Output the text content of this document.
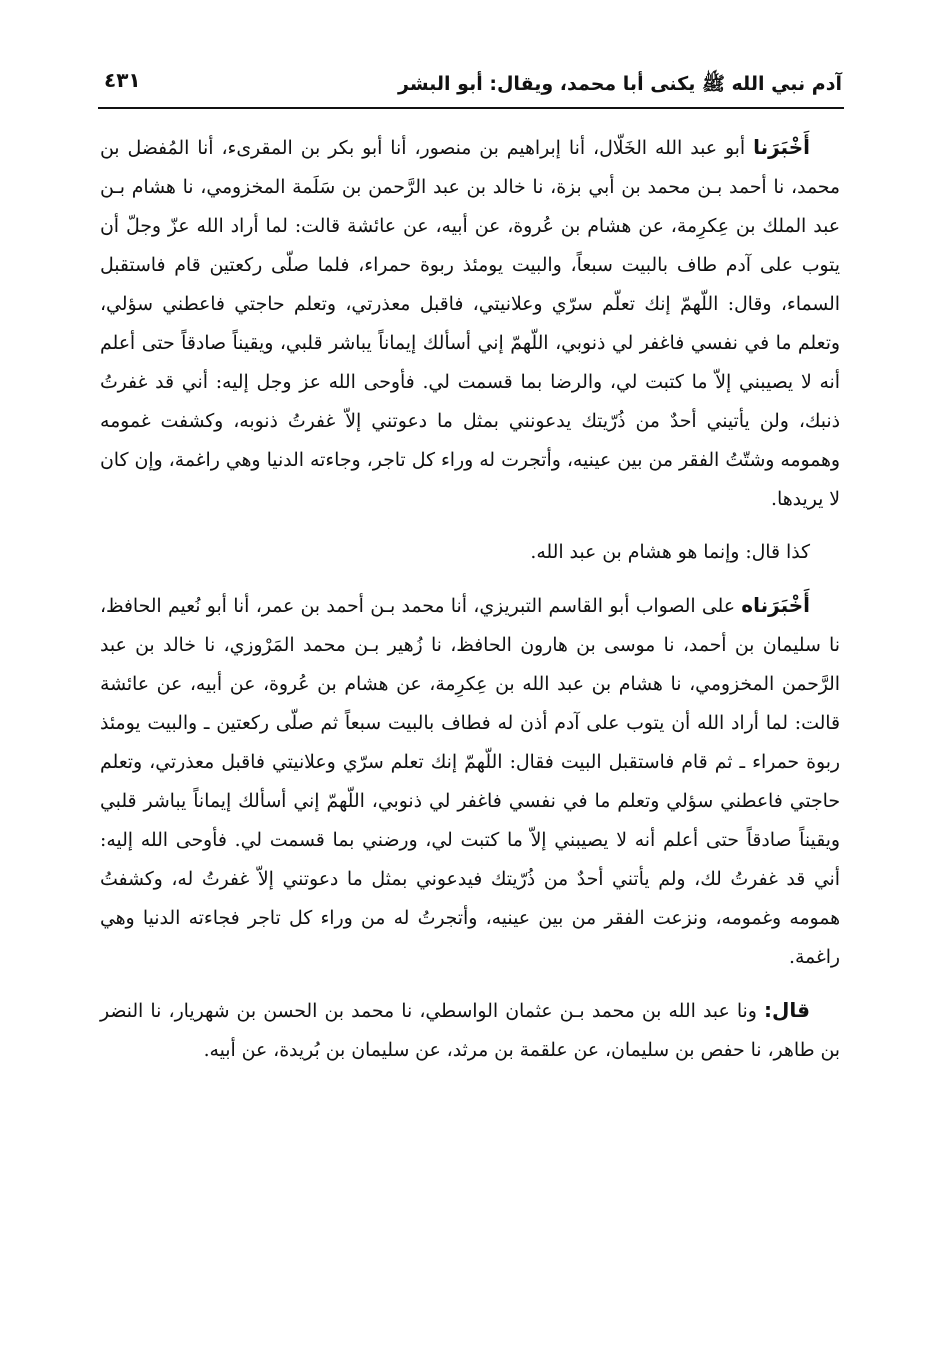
آدم نبي الله ﷺ يكنى أبا محمد، ويقال: أبو البشر
٤٣١

أَخْبَرَنا أبو عبد الله الخَلّال، أنا إبراهيم بن منصور، أنا أبو بكر بن المقرىء، أنا المُفضل بن محمد، نا أحمد بـن محمد بن أبي بزة، نا خالد بن عبد الرَّحمن بن سَلَمة المخزومي، نا هشام بـن عبد الملك بن عِكرِمة، عن هشام بن عُروة، عن أبيه، عن عائشة قالت: لما أراد الله عزّ وجلّ أن يتوب على آدم طاف بالبيت سبعاً، والبيت يومئذ ربوة حمراء، فلما صلّى ركعتين قام فاستقبل السماء، وقال: اللّهمّ إنك تعلّم سرّي وعلانيتي، فاقبل معذرتي، وتعلم حاجتي فاعطني سؤلي، وتعلم ما في نفسي فاغفر لي ذنوبي، اللّهمّ إني أسألك إيماناً يباشر قلبي، ويقيناً صادقاً حتى أعلم أنه لا يصيبني إلاّ ما كتبت لي، والرضا بما قسمت لي. فأوحى الله عز وجل إليه: أني قد غفرتُ ذنبك، ولن يأتيني أحدٌ من ذُرّيتك يدعونني بمثل ما دعوتني إلاّ غفرتُ ذنوبه، وكشفت غمومه وهمومه وشتّتُ الفقر من بين عينيه، وأتجرت له وراء كل تاجر، وجاءته الدنيا وهي راغمة، وإن كان لا يريدها.

كذا قال: وإنما هو هشام بن عبد الله.

أَخْبَرَناه على الصواب أبو القاسم التبريزي، أنا محمد بـن أحمد بن عمر، أنا أبو نُعيم الحافظ، نا سليمان بن أحمد، نا موسى بن هارون الحافظ، نا زُهير بـن محمد المَرْوزي، نا خالد بن عبد الرَّحمن المخزومي، نا هشام بن عبد الله بن عِكرِمة، عن هشام بن عُروة، عن أبيه، عن عائشة قالت: لما أراد الله أن يتوب على آدم أذن له فطاف بالبيت سبعاً ثم صلّى ركعتين ـ والبيت يومئذ ربوة حمراء ـ ثم قام فاستقبل البيت فقال: اللّهمّ إنك تعلم سرّي وعلانيتي فاقبل معذرتي، وتعلم حاجتي فاعطني سؤلي وتعلم ما في نفسي فاغفر لي ذنوبي، اللّهمّ إني أسألك إيماناً يباشر قلبي ويقيناً صادقاً حتى أعلم أنه لا يصيبني إلاّ ما كتبت لي، ورضني بما قسمت لي. فأوحى الله إليه: أني قد غفرتُ لك، ولم يأتني أحدٌ من ذُرّيتك فيدعوني بمثل ما دعوتني إلاّ غفرتُ له، وكشفتُ همومه وغمومه، ونزعت الفقر من بين عينيه، وأتجرتُ له من وراء كل تاجر فجاءته الدنيا وهي راغمة.

قال: ونا عبد الله بن محمد بـن عثمان الواسطي، نا محمد بن الحسن بن شهريار، نا النضر بن طاهر، نا حفص بن سليمان، عن علقمة بن مرثد، عن سليمان بن بُريدة، عن أبيه.
